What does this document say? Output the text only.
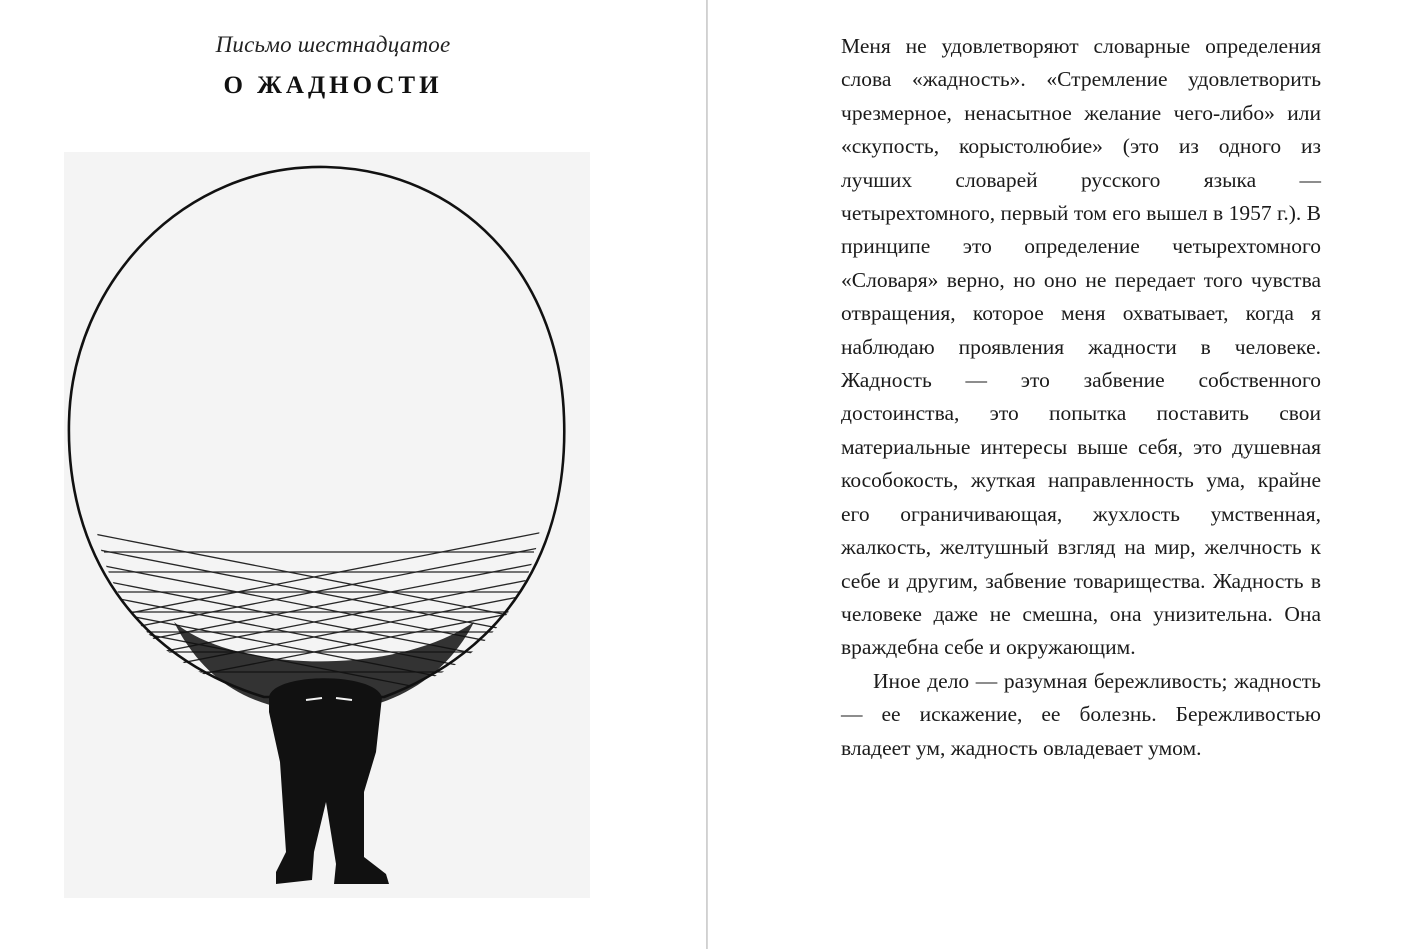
Письмо шестнадцатое
О ЖАДНОСТИ

Меня не удовлетворяют словарные определения слова «жадность». «Стремление удовлетворить чрезмерное, ненасытное желание чего-либо» или «скупость, корыстолюбие» (это из одного из лучших словарей русского языка — четырехтомного, первый том его вышел в 1957 г.). В принципе это определение четырехтомного «Словаря» верно, но оно не передает того чувства отвращения, которое меня охватывает, когда я наблюдаю проявления жадности в человеке. Жадность — это забвение собственного достоинства, это попытка поставить свои материальные интересы выше себя, это душевная кособокость, жуткая направленность ума, крайне его ограничивающая, жухлость умственная, жалкость, желтушный взгляд на мир, желчность к себе и другим, забвение товарищества. Жадность в человеке даже не смешна, она унизительна. Она враждебна себе и окружающим.

Иное дело — разумная бережливость; жадность — ее искажение, ее болезнь. Бережливостью владеет ум, жадность овладевает умом.
